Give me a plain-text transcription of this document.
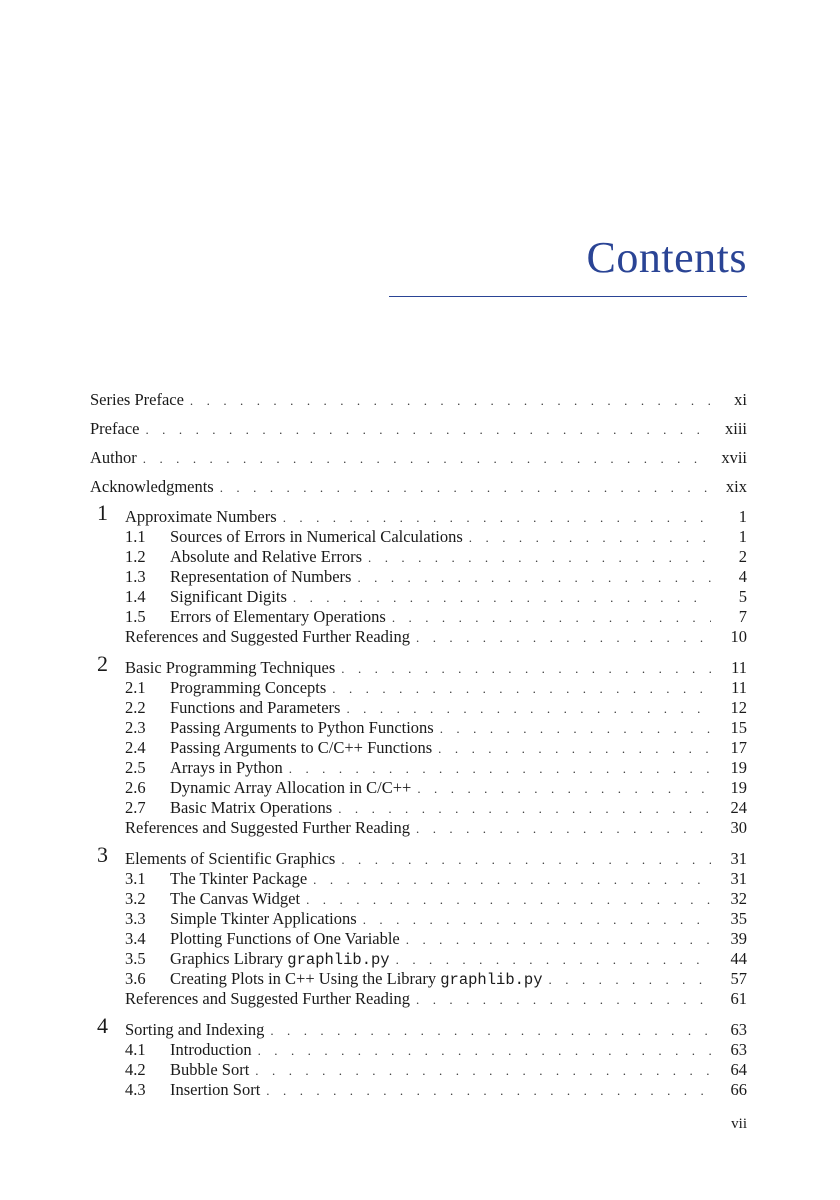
Contents
Series Preface . . .	xi
Preface . . .	xiii
Author . . .	xvii
Acknowledgments . . .	xix
1 Approximate Numbers . . .	1
1.1 Sources of Errors in Numerical Calculations . . .	1
1.2 Absolute and Relative Errors . . .	2
1.3 Representation of Numbers . . .	4
1.4 Significant Digits . . .	5
1.5 Errors of Elementary Operations . . .	7
References and Suggested Further Reading . . .	10
2 Basic Programming Techniques . . .	11
2.1 Programming Concepts . . .	11
2.2 Functions and Parameters . . .	12
2.3 Passing Arguments to Python Functions . . .	15
2.4 Passing Arguments to C/C++ Functions . . .	17
2.5 Arrays in Python . . .	19
2.6 Dynamic Array Allocation in C/C++ . . .	19
2.7 Basic Matrix Operations . . .	24
References and Suggested Further Reading . . .	30
3 Elements of Scientific Graphics . . .	31
3.1 The Tkinter Package . . .	31
3.2 The Canvas Widget . . .	32
3.3 Simple Tkinter Applications . . .	35
3.4 Plotting Functions of One Variable . . .	39
3.5 Graphics Library graphlib.py . . .	44
3.6 Creating Plots in C++ Using the Library graphlib.py . . .	57
References and Suggested Further Reading . . .	61
4 Sorting and Indexing . . .	63
4.1 Introduction . . .	63
4.2 Bubble Sort . . .	64
4.3 Insertion Sort . . .	66
vii
